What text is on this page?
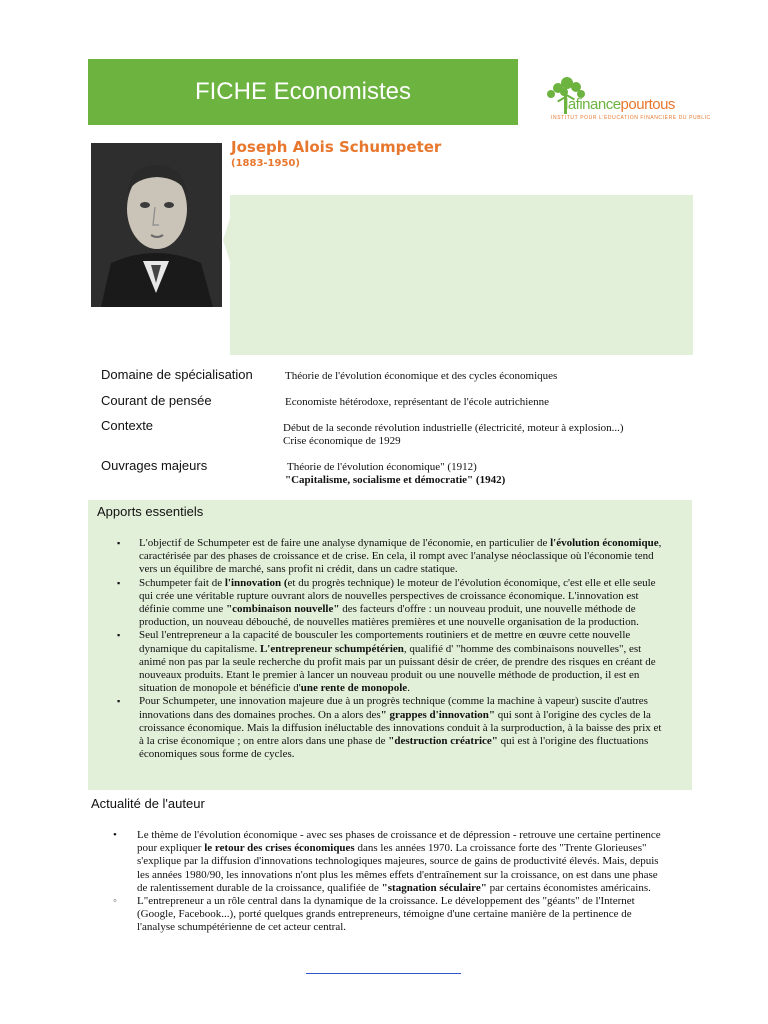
FICHE Economistes	lafinancepourtous
INSTITUT POUR L'ÉDUCATION FINANCIÈRE DU PUBLIC
Joseph Alois Schumpeter
(1883-1950)
Domaine de spécialisation	Théorie de l'évolution économique et des cycles économiques
Courant de pensée	Economiste hétérodoxe, représentant de l'école autrichienne
Contexte	Début de la seconde révolution industrielle (électricité, moteur à explosion...)
Crise économique de 1929
Ouvrages majeurs	Théorie de l'évolution économique" (1912)
"Capitalisme, socialisme et démocratie" (1942)
Apports essentiels
▪ L'objectif de Schumpeter est de faire une analyse dynamique de l'économie, en particulier de l'évolution économique, caractérisée par des phases de croissance et de crise. En cela, il rompt avec l'analyse néoclassique où l'économie tend vers un équilibre de marché, sans profit ni crédit, dans un cadre statique.
▪ Schumpeter fait de l'innovation (et du progrès technique) le moteur de l'évolution économique, c'est elle et elle seule qui crée une véritable rupture ouvrant alors de nouvelles perspectives de croissance économique. L'innovation est définie comme une "combinaison nouvelle" des facteurs d'offre : un nouveau produit, une nouvelle méthode de production, un nouveau débouché, de nouvelles matières premières et une nouvelle organisation de la production.
▪ Seul l'entrepreneur a la capacité de bousculer les comportements routiniers et de mettre en œuvre cette nouvelle dynamique du capitalisme. L'entrepreneur schumpétérien, qualifié d' "homme des combinaisons nouvelles", est animé non pas par la seule recherche du profit mais par un puissant désir de créer, de prendre des risques en créant de nouveaux produits. Etant le premier à lancer un nouveau produit ou une nouvelle méthode de production, il est en situation de monopole et bénéficie d'une rente de monopole.
▪ Pour Schumpeter, une innovation majeure due à un progrès technique (comme la machine à vapeur) suscite d'autres innovations dans des domaines proches. On a alors des" grappes d'innovation" qui sont à l'origine des cycles de la croissance économique. Mais la diffusion inéluctable des innovations conduit à la surproduction, à la baisse des prix et à la crise économique ; on entre alors dans une phase de "destruction créatrice" qui est à l'origine des fluctuations économiques sous forme de cycles.
Actualité de l'auteur
• Le thème de l'évolution économique - avec ses phases de croissance et de dépression - retrouve une certaine pertinence pour expliquer le retour des crises économiques dans les années 1970. La croissance forte des "Trente Glorieuses" s'explique par la diffusion d'innovations technologiques majeures, source de gains de productivité élevés. Mais, depuis les années 1980/90, les innovations n'ont plus les mêmes effets d'entraînement sur la croissance, on est dans une phase de ralentissement durable de la croissance, qualifiée de "stagnation séculaire" par certains économistes américains.
◦ L"entrepreneur a un rôle central dans la dynamique de la croissance. Le développement des "géants" de l'Internet (Google, Facebook...), porté quelques grands entrepreneurs, témoigne d'une certaine manière de la pertinence de l'analyse schumpétérienne de cet acteur central.
